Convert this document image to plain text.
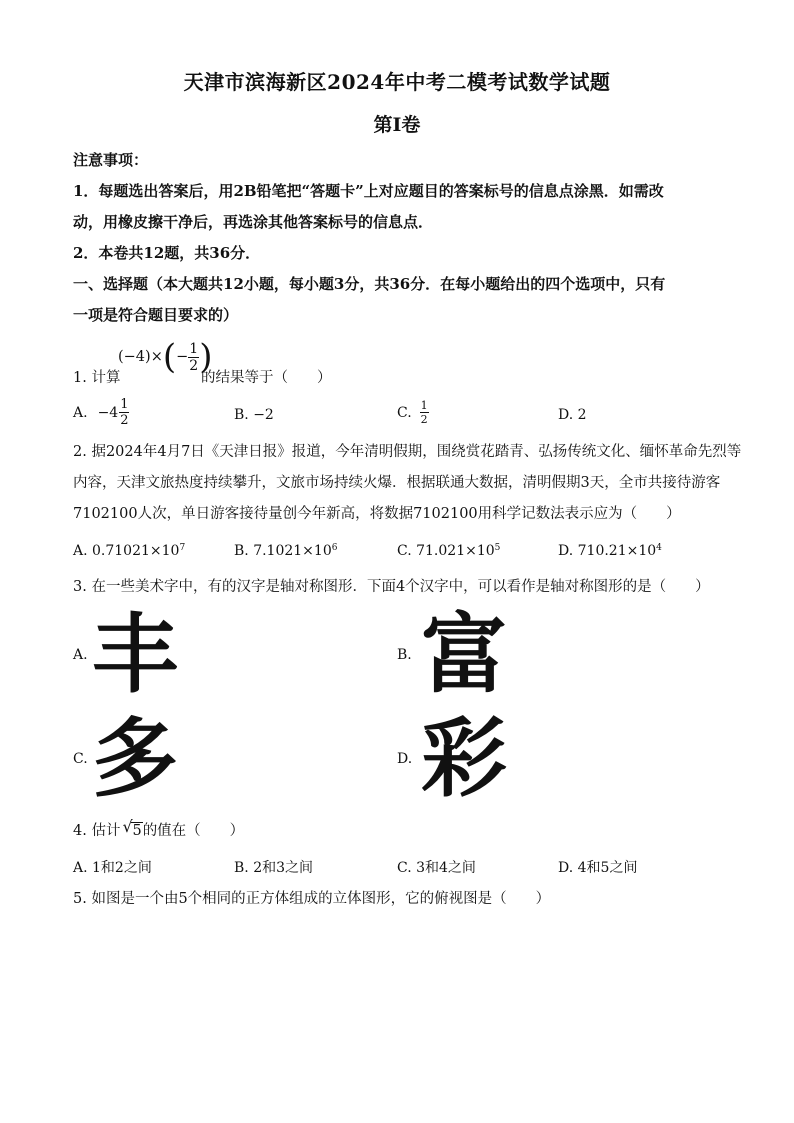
天津市滨海新区2024年中考二模考试数学试题
第Ⅰ卷
注意事项：
1．每题选出答案后，用2B铅笔把“答题卡”上对应题目的答案标号的信息点涂黑．如需改
动，用橡皮擦干净后，再选涂其他答案标号的信息点．
2．本卷共12题，共36分．
一、选择题（本大题共12小题，每小题3分，共36分．在每小题给出的四个选项中，只有
一项是符合题目要求的）
1. 计算
(−4)× ( − $\frac{1}{2}$ )
的结果等于（　　）
A. $-4 \frac{1}{2}$	B. −2	C. $\frac{1}{2}$	D. 2
2. 据2024年4月7日《天津日报》报道，今年清明假期，围绕赏花踏青、弘扬传统文化、缅怀革命先烈等
内容，天津文旅热度持续攀升，文旅市场持续火爆．根据联通大数据，清明假期3天，全市共接待游客
7102100人次，单日游客接待量创今年新高，将数据7102100用科学记数法表示应为（　　）
A. $0.71021\times 10^7$	B. $7.1021\times 10^6$	C. $71.021\times 10^5$	D. $710.21\times 10^4$
3. 在一些美术字中，有的汉字是轴对称图形．下面4个汉字中，可以看作是轴对称图形的是（　　）
A. 丰	B. 富
C. 多	D. 彩
4. 估计 √ 5 的值在（　　）
A. 1和2之间	B. 2和3之间	C. 3和4之间	D. 4和5之间
5. 如图是一个由5个相同的正方体组成的立体图形，它的俯视图是（　　）
